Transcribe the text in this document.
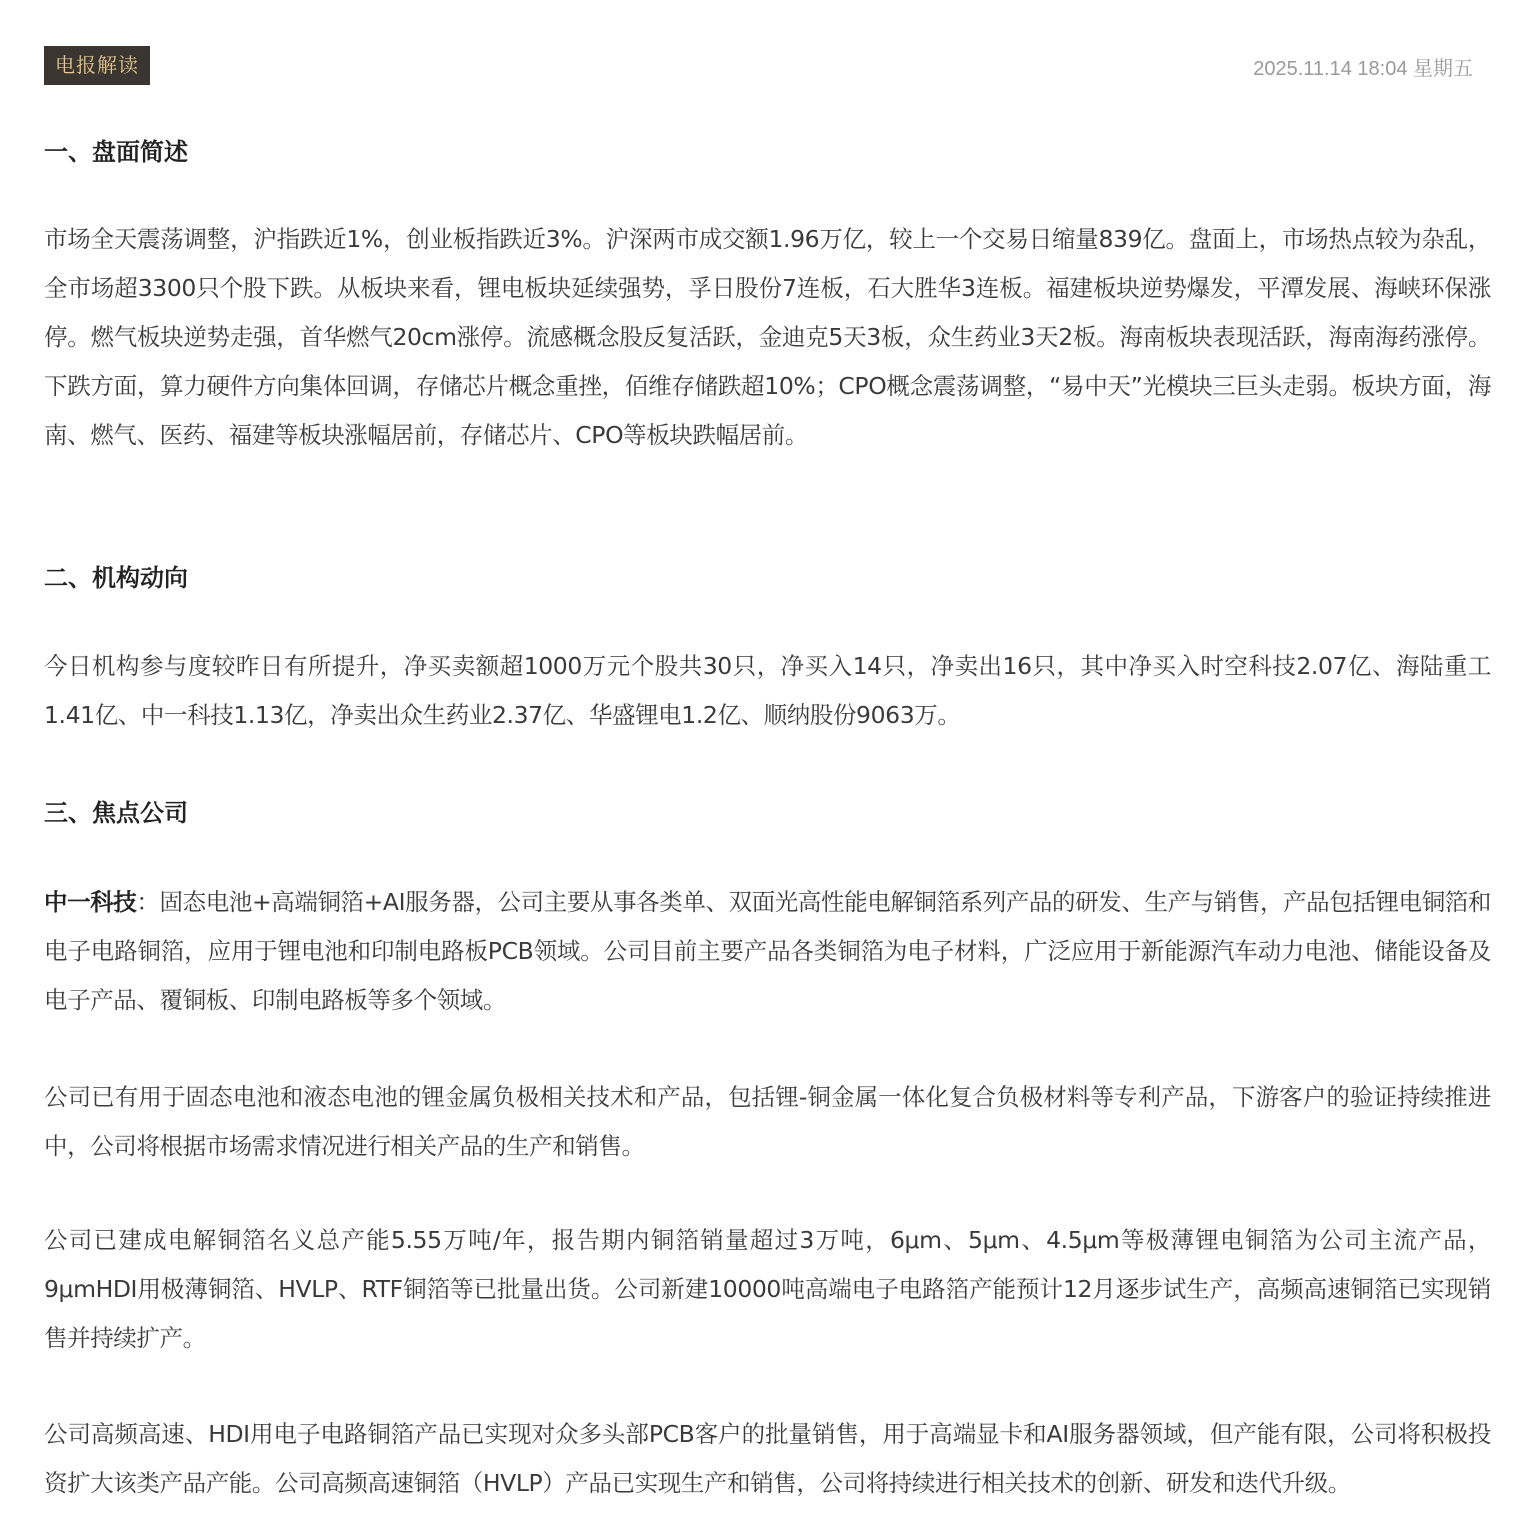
电报解读	2025.11.14 18:04 星期五
一、盘面简述

市场全天震荡调整，沪指跌近1%，创业板指跌近3%。沪深两市成交额1.96万亿，较上一个交易日缩量839亿。盘面上，市场热点较为杂乱，全市场超3300只个股下跌。从板块来看，锂电板块延续强势，孚日股份7连板，石大胜华3连板。福建板块逆势爆发，平潭发展、海峡环保涨停。燃气板块逆势走强，首华燃气20cm涨停。流感概念股反复活跃，金迪克5天3板，众生药业3天2板。海南板块表现活跃，海南海药涨停。下跌方面，算力硬件方向集体回调，存储芯片概念重挫，佰维存储跌超10%；CPO概念震荡调整，“易中天”光模块三巨头走弱。板块方面，海南、燃气、医药、福建等板块涨幅居前，存储芯片、CPO等板块跌幅居前。

二、机构动向

今日机构参与度较昨日有所提升，净买卖额超1000万元个股共30只，净买入14只，净卖出16只，其中净买入时空科技2.07亿、海陆重工1.41亿、中一科技1.13亿，净卖出众生药业2.37亿、华盛锂电1.2亿、顺纳股份9063万。

三、焦点公司

中一科技：固态电池+高端铜箔+AI服务器，公司主要从事各类单、双面光高性能电解铜箔系列产品的研发、生产与销售，产品包括锂电铜箔和电子电路铜箔，应用于锂电池和印制电路板PCB领域。公司目前主要产品各类铜箔为电子材料，广泛应用于新能源汽车动力电池、储能设备及电子产品、覆铜板、印制电路板等多个领域。

公司已有用于固态电池和液态电池的锂金属负极相关技术和产品，包括锂-铜金属一体化复合负极材料等专利产品，下游客户的验证持续推进中，公司将根据市场需求情况进行相关产品的生产和销售。

公司已建成电解铜箔名义总产能5.55万吨/年，报告期内铜箔销量超过3万吨，6μm、5μm、4.5μm等极薄锂电铜箔为公司主流产品，9μmHDI用极薄铜箔、HVLP、RTF铜箔等已批量出货。公司新建10000吨高端电子电路箔产能预计12月逐步试生产，高频高速铜箔已实现销售并持续扩产。

公司高频高速、HDI用电子电路铜箔产品已实现对众多头部PCB客户的批量销售，用于高端显卡和AI服务器领域，但产能有限，公司将积极投资扩大该类产品产能。公司高频高速铜箔（HVLP）产品已实现生产和销售，公司将持续进行相关技术的创新、研发和迭代升级。
